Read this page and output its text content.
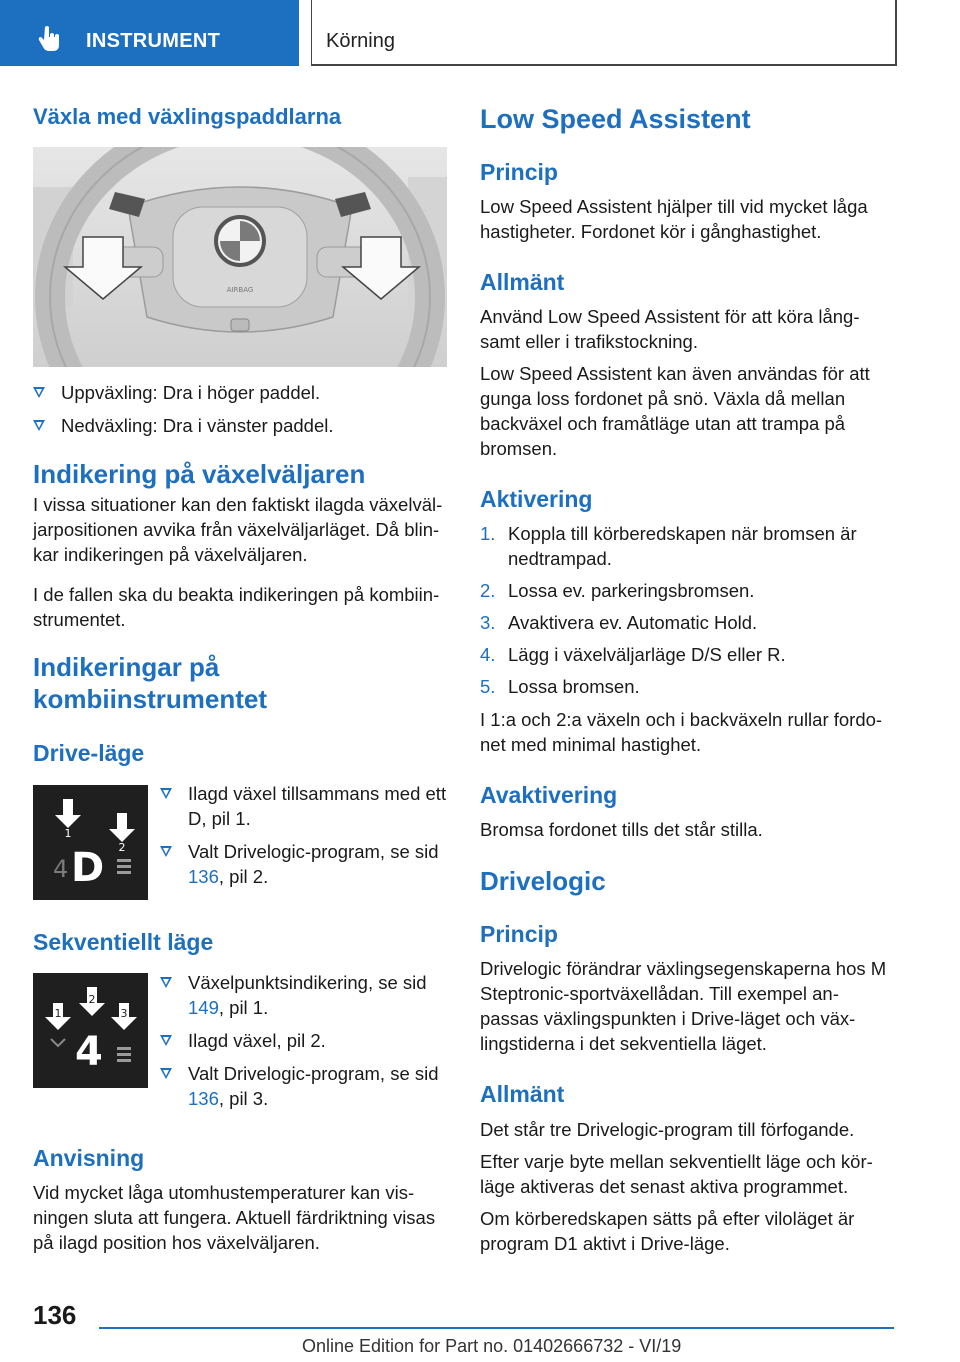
INSTRUMENT	Körning
Växla med växlingspaddlarna
AIRBAG
Uppväxling: Dra i höger paddel.
Nedväxling: Dra i vänster paddel.
Indikering på växelväljaren

I vissa situationer kan den faktiskt ilagda växelväl-jarpositionen avvika från växelväljarläget. Då blin-kar indikeringen på växelväljaren.

I de fallen ska du beakta indikeringen på kombiin-strumentet.

Indikeringar på kombiinstrumentet
Drive-läge
1
2
4 D
Ilagd växel tillsammans med ett D, pil 1.
Valt Drivelogic-program, se sid 136, pil 2.
Sekventiellt läge
2
1	3
4
Växelpunktsindikering, se sid 149, pil 1.
Ilagd växel, pil 2.
Valt Drivelogic-program, se sid 136, pil 3.
Anvisning

Vid mycket låga utomhustemperaturer kan vis-ningen sluta att fungera. Aktuell färdriktning visas på ilagd position hos växelväljaren.

Low Speed Assistent
Princip

Low Speed Assistent hjälper till vid mycket låga hastigheter. Fordonet kör i gånghastighet.

Allmänt

Använd Low Speed Assistent för att köra lång-samt eller i trafikstockning.

Low Speed Assistent kan även användas för att gunga loss fordonet på snö. Växla då mellan backväxel och framåtläge utan att trampa på bromsen.

Aktivering
1. Koppla till körberedskapen när bromsen är nedtrampad.
2. Lossa ev. parkeringsbromsen.
3. Avaktivera ev. Automatic Hold.
4. Lägg i växelväljarläge D/S eller R.
5. Lossa bromsen.

I 1:a och 2:a växeln och i backväxeln rullar fordo-net med minimal hastighet.

Avaktivering

Bromsa fordonet tills det står stilla.

Drivelogic
Princip

Drivelogic förändrar växlingsegenskaperna hos M Steptronic-sportväxellådan. Till exempel an-passas växlingspunkten i Drive-läget och väx-lingstiderna i det sekventiella läget.

Allmänt

Det står tre Drivelogic-program till förfogande.

Efter varje byte mellan sekventiellt läge och kör-läge aktiveras det senast aktiva programmet.

Om körberedskapen sätts på efter viloläget är program D1 aktivt i Drive-läge.

136
Online Edition for Part no. 01402666732 - VI/19
